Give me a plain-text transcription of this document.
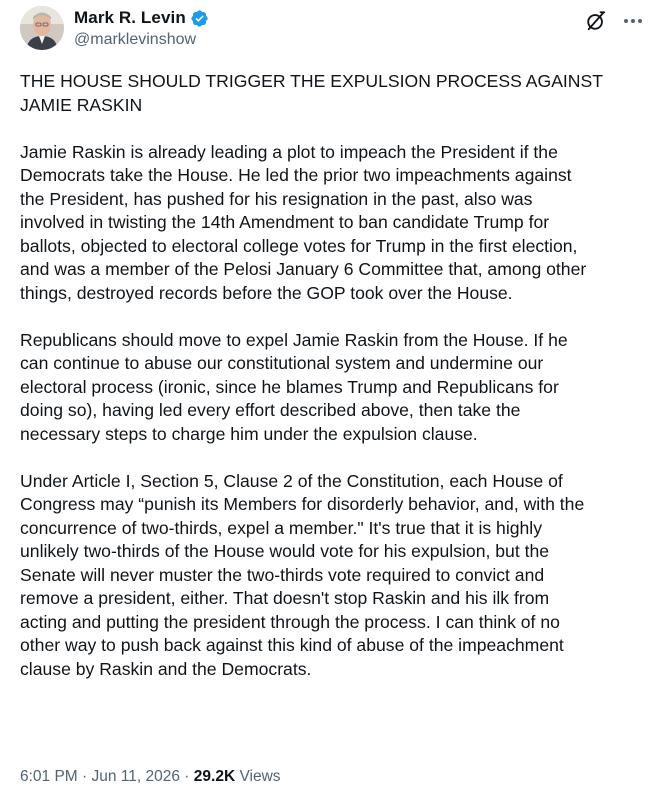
Mark R. Levin
@marklevinshow

THE HOUSE SHOULD TRIGGER THE EXPULSION PROCESS AGAINST
JAMIE RASKIN

Jamie Raskin is already leading a plot to impeach the President if the
Democrats take the House. He led the prior two impeachments against
the President, has pushed for his resignation in the past, also was
involved in twisting the 14th Amendment to ban candidate Trump for
ballots, objected to electoral college votes for Trump in the first election,
and was a member of the Pelosi January 6 Committee that, among other
things, destroyed records before the GOP took over the House.

Republicans should move to expel Jamie Raskin from the House. If he
can continue to abuse our constitutional system and undermine our
electoral process (ironic, since he blames Trump and Republicans for
doing so), having led every effort described above, then take the
necessary steps to charge him under the expulsion clause.

Under Article I, Section 5, Clause 2 of the Constitution, each House of
Congress may “punish its Members for disorderly behavior, and, with the
concurrence of two-thirds, expel a member." It's true that it is highly
unlikely two-thirds of the House would vote for his expulsion, but the
Senate will never muster the two-thirds vote required to convict and
remove a president, either. That doesn't stop Raskin and his ilk from
acting and putting the president through the process. I can think of no
other way to push back against this kind of abuse of the impeachment
clause by Raskin and the Democrats.

6:01 PM · Jun 11, 2026 · 29.2K Views
